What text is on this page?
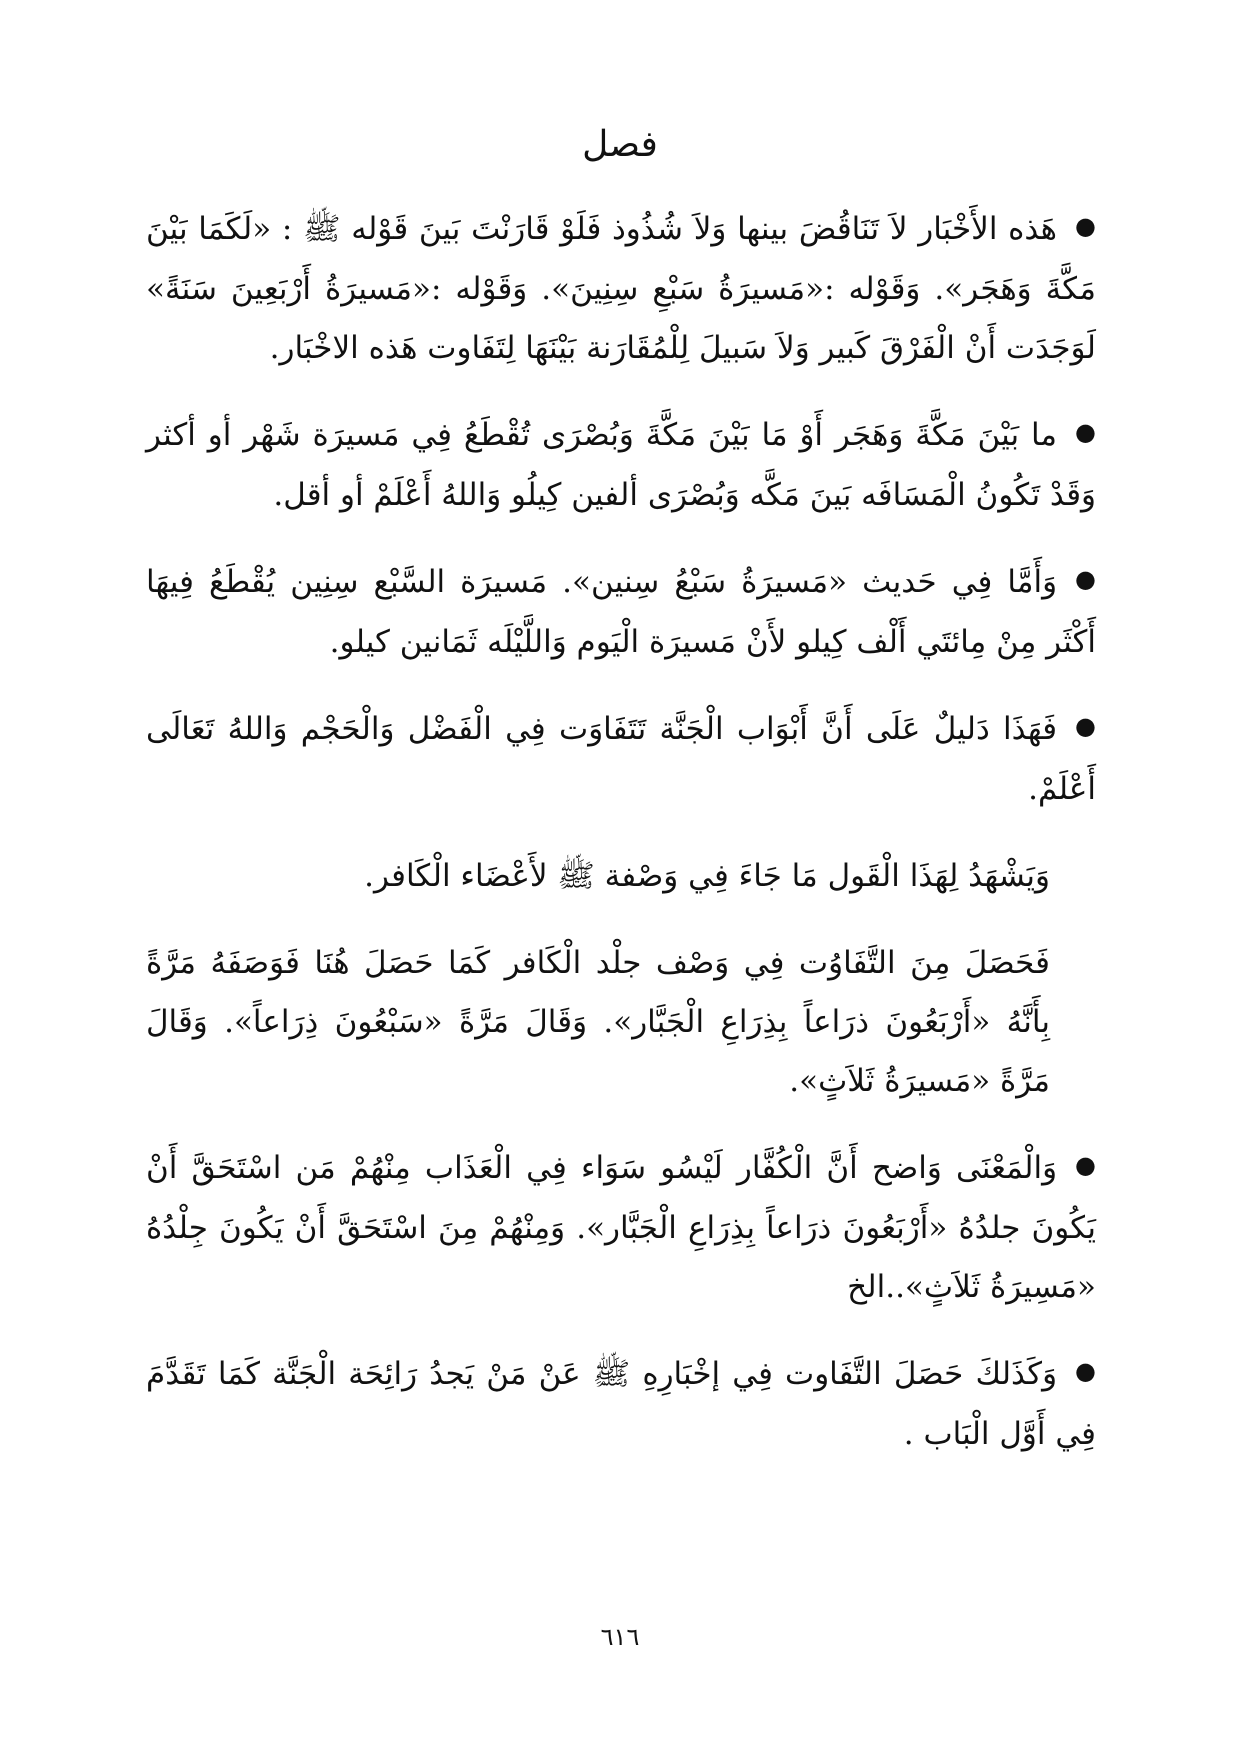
فصل

●هَذه الأَخْبَار لاَ تَنَاقُضَ بينها وَلاَ شُذُوذ فَلَوْ قَارَنْتَ بَينَ قَوْله ﷺ : «لَكَمَا بَيْنَ مَكَّةَ وَهَجَر». وَقَوْله :«مَسيرَةُ سَبْعِ سِنِينَ». وَقَوْله :«مَسيرَةُ أَرْبَعِينَ سَنَةً» لَوَجَدَت أَنْ الْفَرْقَ كَبير وَلاَ سَبيلَ لِلْمُقَارَنة بَيْنَهَا لِتَفَاوت هَذه الاخْبَار.

●ما بَيْنَ مَكَّةَ وَهَجَر أَوْ مَا بَيْنَ مَكَّةَ وَبُصْرَى تُقْطَعُ فِي مَسيرَة شَهْر أو أكثر وَقَدْ تَكُونُ الْمَسَافَه بَينَ مَكَّه وَبُصْرَى ألفين كِيلُو وَاللهُ أَعْلَمْ أو أقل.

●وَأَمَّا فِي حَديث «مَسيرَةُ سَبْعُ سِنين». مَسيرَة السَّبْع سِنِين يُقْطَعُ فِيهَا أَكْثَر مِنْ مِائتَي أَلْف كِيلو لأَنْ مَسيرَة الْيَوم وَاللَّيْلَه ثَمَانين كيلو.

●فَهَذَا دَليلٌ عَلَى أَنَّ أَبْوَاب الْجَنَّة تَتَفَاوَت فِي الْفَضْل وَالْحَجْم وَاللهُ تَعَالَى أَعْلَمْ.

وَيَشْهَدُ لِهَذَا الْقَول مَا جَاءَ فِي وَصْفة ﷺ لأَعْضَاء الْكَافر.

فَحَصَلَ مِنَ التَّفَاوُت فِي وَصْف جلْد الْكَافر كَمَا حَصَلَ هُنَا فَوَصَفَهُ مَرَّةً بِأَنَّهُ «أَرْبَعُونَ ذرَاعاً بِذِرَاعِ الْجَبَّار». وَقَالَ مَرَّةً «سَبْعُونَ ذِرَاعاً». وَقَالَ مَرَّةً «مَسيرَةُ ثَلاَثٍ».

●وَالْمَعْنَى وَاضح أَنَّ الْكُفَّار لَيْسُو سَوَاء فِي الْعَذَاب مِنْهُمْ مَن اسْتَحَقَّ أَنْ يَكُونَ جلدُهُ «أَرْبَعُونَ ذرَاعاً بِذِرَاعِ الْجَبَّار». وَمِنْهُمْ مِنَ اسْتَحَقَّ أَنْ يَكُونَ جِلْدُهُ «مَسِيرَةُ ثَلاَثٍ»..الخ

●وَكَذَلكَ حَصَلَ التَّفَاوت فِي إخْبَارِهِ ﷺ عَنْ مَنْ يَجدُ رَائِحَة الْجَنَّة كَمَا تَقَدَّمَ فِي أَوَّل الْبَاب .

٦١٦
